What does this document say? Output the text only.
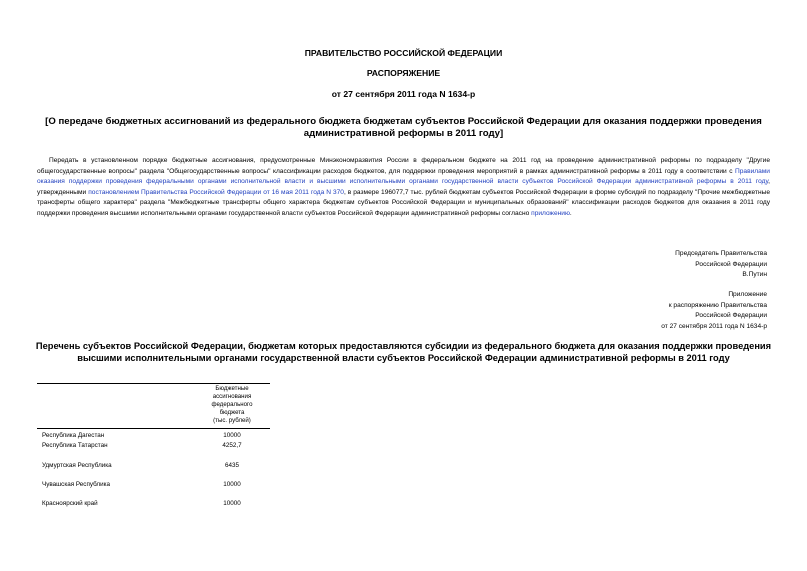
ПРАВИТЕЛЬСТВО РОССИЙСКОЙ ФЕДЕРАЦИИ
РАСПОРЯЖЕНИЕ
от 27 сентября 2011 года N 1634-р
[О передаче бюджетных ассигнований из федерального бюджета бюджетам субъектов Российской Федерации для оказания поддержки проведения
административной реформы в 2011 году]
Передать в установленном порядке бюджетные ассигнования, предусмотренные Минэкономразвития России в федеральном бюджете на 2011 год на проведение административной реформы по подразделу "Другие общегосударственные вопросы" раздела "Общегосударственные вопросы" классификации расходов бюджетов, для поддержки проведения мероприятий в рамках административной реформы в 2011 году в соответствии с Правилами оказания поддержки проведения федеральными органами исполнительной власти и высшими исполнительными органами государственной власти субъектов Российской Федерации административной реформы в 2011 году, утвержденными постановлением Правительства Российской Федерации от 16 мая 2011 года N 370, в размере 196077,7 тыс. рублей бюджетам субъектов Российской Федерации в форме субсидий по подразделу "Прочие межбюджетные трансферты общего характера" раздела "Межбюджетные трансферты общего характера бюджетам субъектов Российской Федерации и муниципальных образований" классификации расходов бюджетов для оказания в 2011 году поддержки проведения высшими исполнительными органами государственной власти субъектов Российской Федерации административной реформы согласно приложению.
Председатель Правительства
Российской Федерации
В.Путин
Приложение
к распоряжению Правительства
Российской Федерации
от 27 сентября 2011 года N 1634-р
Перечень субъектов Российской Федерации, бюджетам которых предоставляются субсидии из федерального бюджета для оказания поддержки проведения
высшими исполнительными органами государственной власти субъектов Российской Федерации административной реформы в 2011 году
Бюджетные
ассигнования
федерального
бюджета
(тыс. рублей)
Республика Дагестан	10000
Республика Татарстан	4252,7
Удмуртская Республика	6435
Чувашская Республика	10000
Красноярский край	10000
